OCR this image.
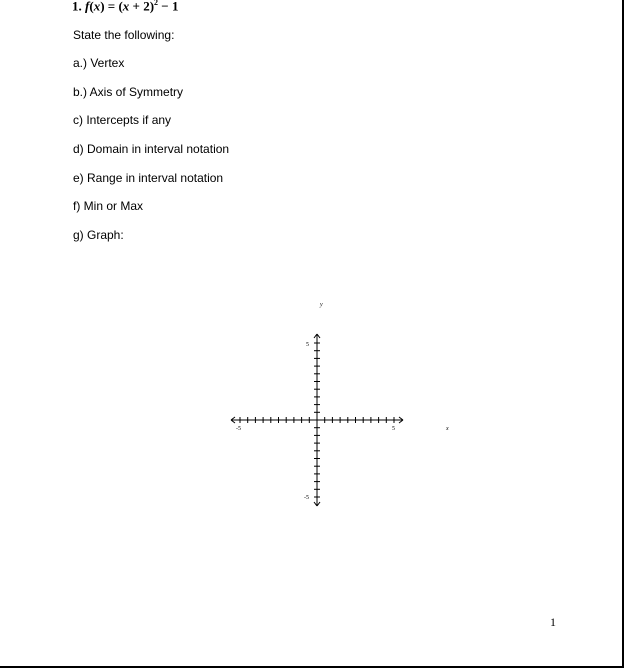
1. $f(x) = (x + 2)^2 - 1$
State the following:
a.) Vertex
b.) Axis of Symmetry
c) Intercepts if any
d) Domain in interval notation
e) Range in interval notation
f) Min or Max
g) Graph:
x
y
-5	5
5
-5
1
